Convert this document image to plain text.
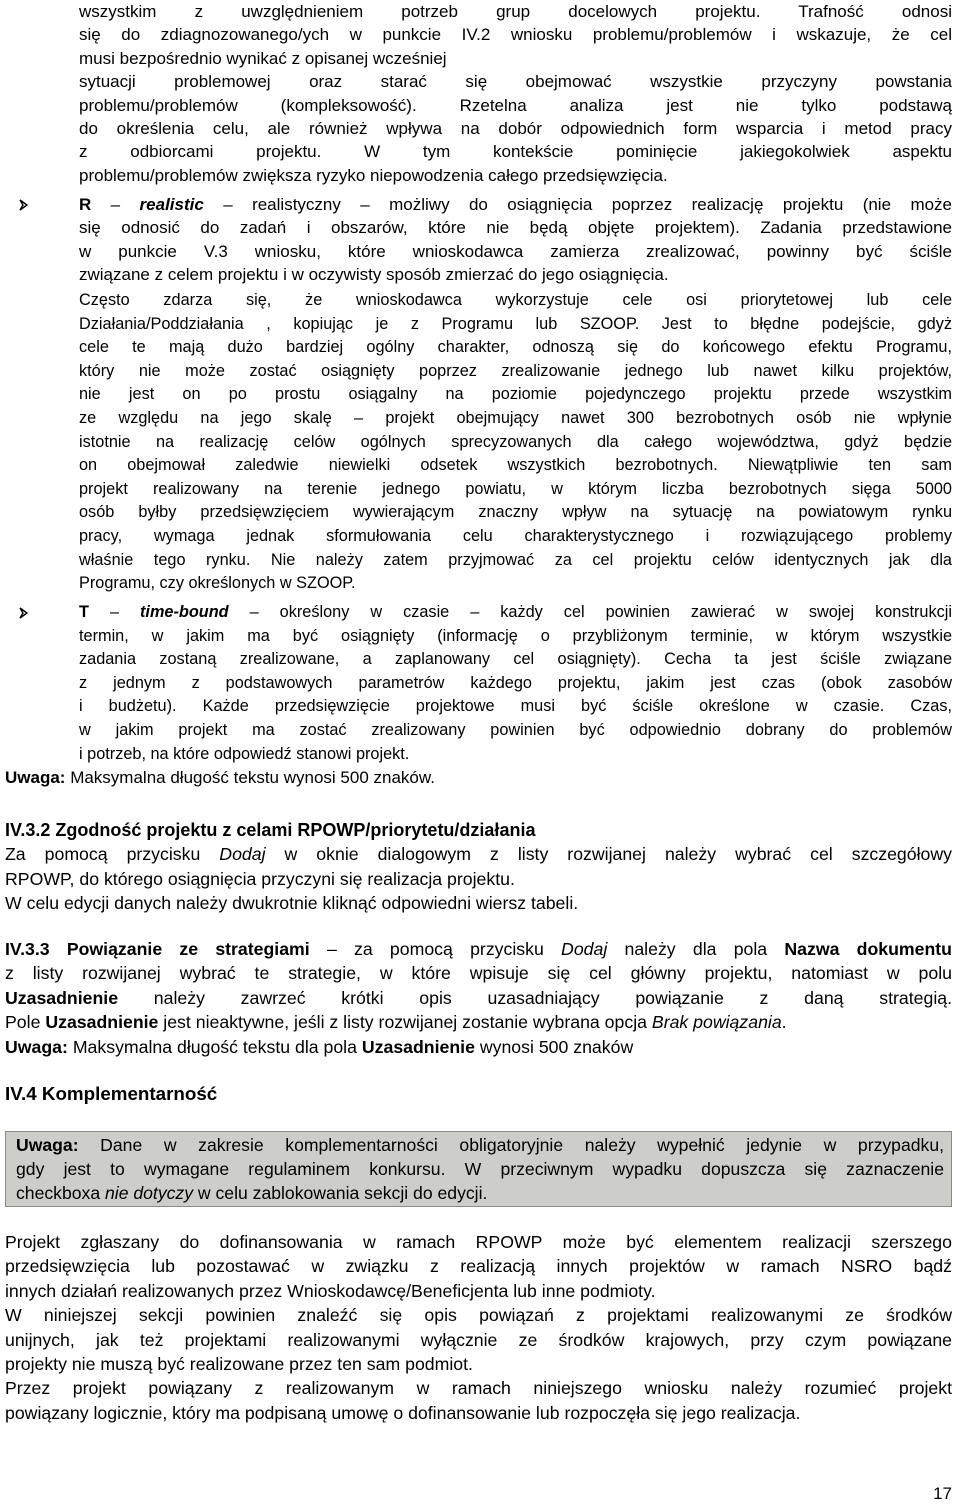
wszystkim z uwzględnieniem potrzeb grup docelowych projektu. Trafność odnosi
się do zdiagnozowanego/ych w punkcie IV.2 wniosku problemu/problemów i wskazuje, że cel
musi bezpośrednio wynikać z opisanej wcześniej
sytuacji problemowej oraz starać się obejmować wszystkie przyczyny powstania
problemu/problemów (kompleksowość). Rzetelna analiza jest nie tylko podstawą
do określenia celu, ale również wpływa na dobór odpowiednich form wsparcia i metod pracy
z odbiorcami projektu. W tym kontekście pominięcie jakiegokolwiek aspektu
problemu/problemów zwiększa ryzyko niepowodzenia całego przedsięwzięcia.
R – realistic – realistyczny – możliwy do osiągnięcia poprzez realizację projektu (nie może
się odnosić do zadań i obszarów, które nie będą objęte projektem). Zadania przedstawione
w punkcie V.3 wniosku, które wnioskodawca zamierza zrealizować, powinny być ściśle
związane z celem projektu i w oczywisty sposób zmierzać do jego osiągnięcia.
Często zdarza się, że wnioskodawca wykorzystuje cele osi priorytetowej lub cele
Działania/Poddziałania , kopiując je z Programu lub SZOOP. Jest to błędne podejście, gdyż
cele te mają dużo bardziej ogólny charakter, odnoszą się do końcowego efektu Programu,
który nie może zostać osiągnięty poprzez zrealizowanie jednego lub nawet kilku projektów,
nie jest on po prostu osiągalny na poziomie pojedynczego projektu przede wszystkim
ze względu na jego skalę – projekt obejmujący nawet 300 bezrobotnych osób nie wpłynie
istotnie na realizację celów ogólnych sprecyzowanych dla całego województwa, gdyż będzie
on obejmował zaledwie niewielki odsetek wszystkich bezrobotnych. Niewątpliwie ten sam
projekt realizowany na terenie jednego powiatu, w którym liczba bezrobotnych sięga 5000
osób byłby przedsięwzięciem wywierającym znaczny wpływ na sytuację na powiatowym rynku
pracy, wymaga jednak sformułowania celu charakterystycznego i rozwiązującego problemy
właśnie tego rynku. Nie należy zatem przyjmować za cel projektu celów identycznych jak dla
Programu, czy określonych w SZOOP.
T – time-bound – określony w czasie – każdy cel powinien zawierać w swojej konstrukcji
termin, w jakim ma być osiągnięty (informację o przybliżonym terminie, w którym wszystkie
zadania zostaną zrealizowane, a zaplanowany cel osiągnięty). Cecha ta jest ściśle związane
z jednym z podstawowych parametrów każdego projektu, jakim jest czas (obok zasobów
i budżetu). Każde przedsięwzięcie projektowe musi być ściśle określone w czasie. Czas,
w jakim projekt ma zostać zrealizowany powinien być odpowiednio dobrany do problemów
i potrzeb, na które odpowiedź stanowi projekt.
Uwaga: Maksymalna długość tekstu wynosi 500 znaków.
IV.3.2 Zgodność projektu z celami RPOWP/priorytetu/działania
Za pomocą przycisku Dodaj w oknie dialogowym z listy rozwijanej należy wybrać cel szczegółowy
RPOWP, do którego osiągnięcia przyczyni się realizacja projektu.
W celu edycji danych należy dwukrotnie kliknąć odpowiedni wiersz tabeli.
IV.3.3 Powiązanie ze strategiami – za pomocą przycisku Dodaj należy dla pola Nazwa dokumentu
z listy rozwijanej wybrać te strategie, w które wpisuje się cel główny projektu, natomiast w polu
Uzasadnienie należy zawrzeć krótki opis uzasadniający powiązanie z daną strategią.
Pole Uzasadnienie jest nieaktywne, jeśli z listy rozwijanej zostanie wybrana opcja Brak powiązania.
Uwaga: Maksymalna długość tekstu dla pola Uzasadnienie wynosi 500 znaków
IV.4 Komplementarność
Uwaga: Dane w zakresie komplementarności obligatoryjnie należy wypełnić jedynie w przypadku,
gdy jest to wymagane regulaminem konkursu. W przeciwnym wypadku dopuszcza się zaznaczenie
checkboxa nie dotyczy w celu zablokowania sekcji do edycji.
Projekt zgłaszany do dofinansowania w ramach RPOWP może być elementem realizacji szerszego
przedsięwzięcia lub pozostawać w związku z realizacją innych projektów w ramach NSRO bądź
innych działań realizowanych przez Wnioskodawcę/Beneficjenta lub inne podmioty.
W niniejszej sekcji powinien znaleźć się opis powiązań z projektami realizowanymi ze środków
unijnych, jak też projektami realizowanymi wyłącznie ze środków krajowych, przy czym powiązane
projekty nie muszą być realizowane przez ten sam podmiot.
Przez projekt powiązany z realizowanym w ramach niniejszego wniosku należy rozumieć projekt
powiązany logicznie, który ma podpisaną umowę o dofinansowanie lub rozpoczęła się jego realizacja.
17
